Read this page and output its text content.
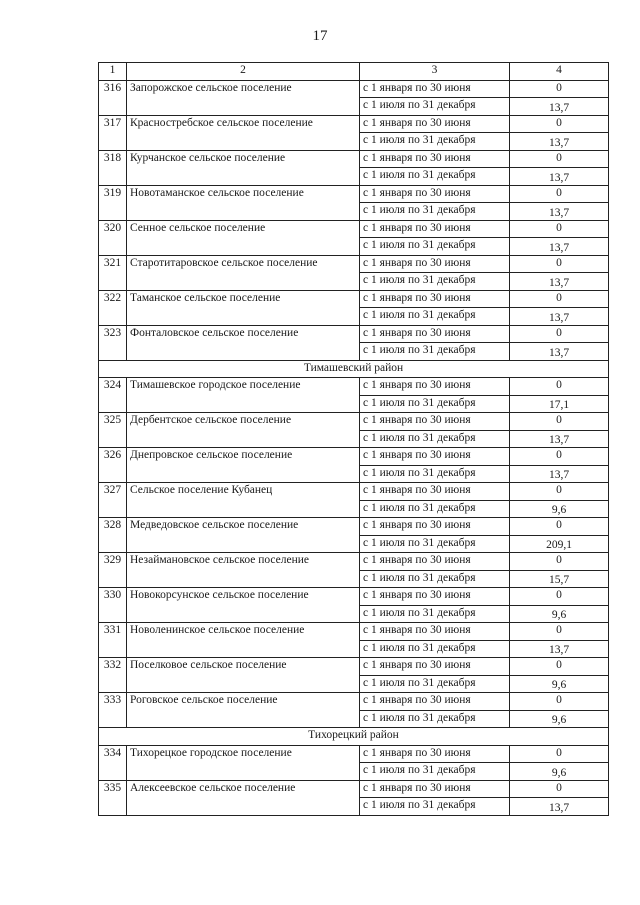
17
1	2	3	4
316	Запорожское сельское поселение	с 1 января по 30 июня	0
		с 1 июля по 31 декабря	13,7
317	Красностребское сельское поселение	с 1 января по 30 июня	0
		с 1 июля по 31 декабря	13,7
318	Курчанское сельское поселение	с 1 января по 30 июня	0
		с 1 июля по 31 декабря	13,7
319	Новотаманское сельское поселение	с 1 января по 30 июня	0
		с 1 июля по 31 декабря	13,7
320	Сенное сельское поселение	с 1 января по 30 июня	0
		с 1 июля по 31 декабря	13,7
321	Старотитаровское сельское поселение	с 1 января по 30 июня	0
		с 1 июля по 31 декабря	13,7
322	Таманское сельское поселение	с 1 января по 30 июня	0
		с 1 июля по 31 декабря	13,7
323	Фонталовское сельское поселение	с 1 января по 30 июня	0
		с 1 июля по 31 декабря	13,7
Тимашевский район			
324	Тимашевское городское поселение	с 1 января по 30 июня	0
		с 1 июля по 31 декабря	17,1
325	Дербентское сельское поселение	с 1 января по 30 июня	0
		с 1 июля по 31 декабря	13,7
326	Днепровское сельское поселение	с 1 января по 30 июня	0
		с 1 июля по 31 декабря	13,7
327	Сельское поселение Кубанец	с 1 января по 30 июня	0
		с 1 июля по 31 декабря	9,6
328	Медведовское сельское поселение	с 1 января по 30 июня	0
		с 1 июля по 31 декабря	209,1
329	Незаймановское сельское поселение	с 1 января по 30 июня	0
		с 1 июля по 31 декабря	15,7
330	Новокорсунское сельское поселение	с 1 января по 30 июня	0
		с 1 июля по 31 декабря	9,6
331	Новоленинское сельское поселение	с 1 января по 30 июня	0
		с 1 июля по 31 декабря	13,7
332	Поселковое сельское поселение	с 1 января по 30 июня	0
		с 1 июля по 31 декабря	9,6
333	Роговское сельское поселение	с 1 января по 30 июня	0
		с 1 июля по 31 декабря	9,6
Тихорецкий район			
334	Тихорецкое городское поселение	с 1 января по 30 июня	0
		с 1 июля по 31 декабря	9,6
335	Алексеевское сельское поселение	с 1 января по 30 июня	0
		с 1 июля по 31 декабря	13,7
